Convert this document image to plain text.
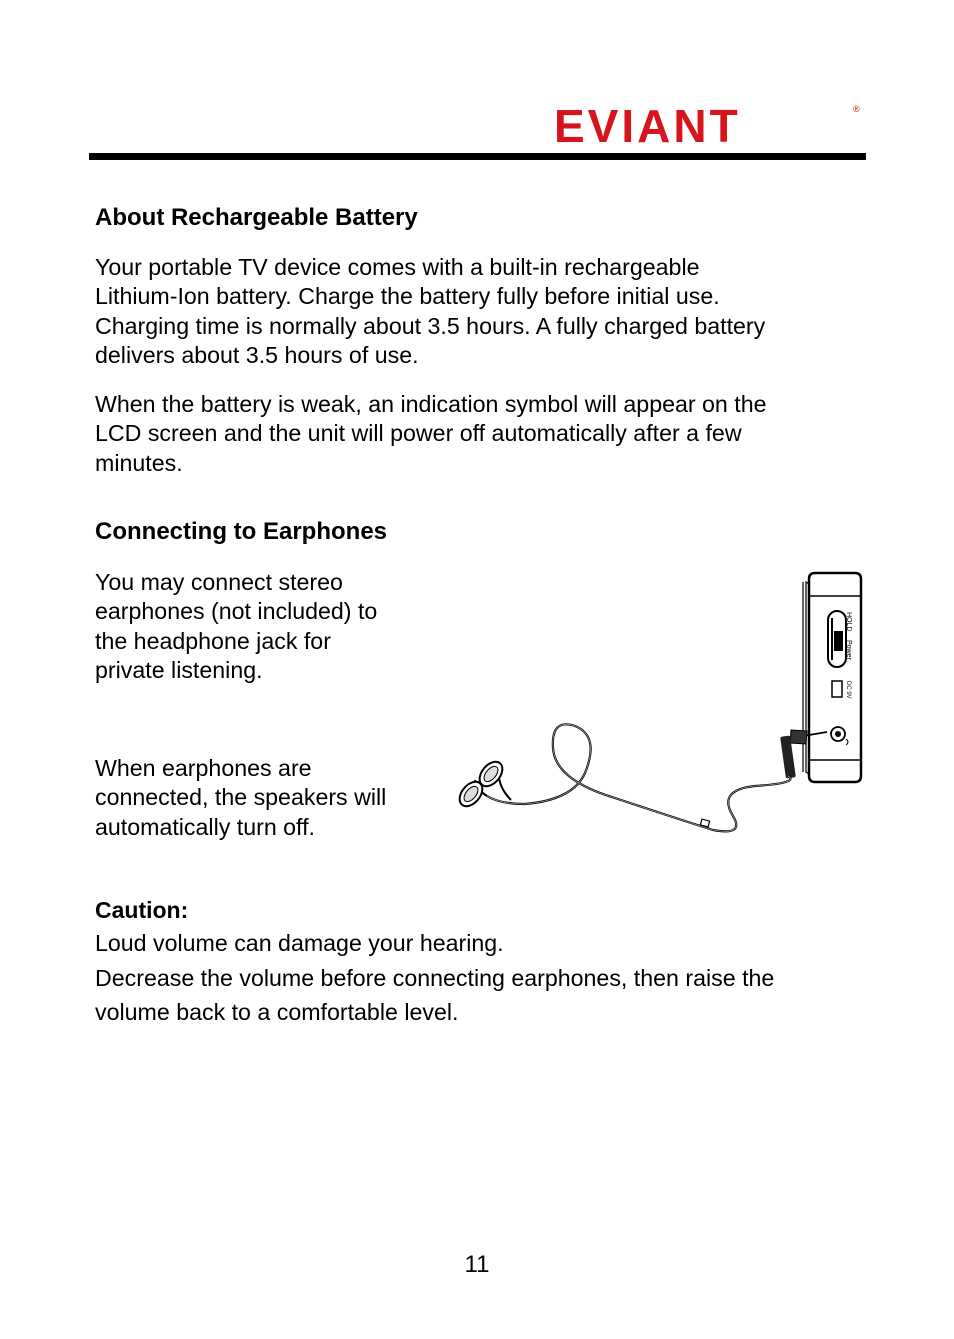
EVIANT	®
About Rechargeable Battery
Your portable TV device comes with a built-in rechargeable
Lithium-Ion battery. Charge the battery fully before initial use.
Charging time is normally about 3.5 hours. A fully charged battery
delivers about 3.5 hours of use.
When the battery is weak, an indication symbol will appear on the
LCD screen and the unit will power off automatically after a few
minutes.
Connecting to Earphones
You may connect stereo
earphones (not included) to
the headphone jack for
private listening.
When earphones are
connected, the speakers will
automatically turn off.
HOLD
Power
DC 9V
Caution:
Loud volume can damage your hearing.
Decrease the volume before connecting earphones, then raise the
volume back to a comfortable level.
11
